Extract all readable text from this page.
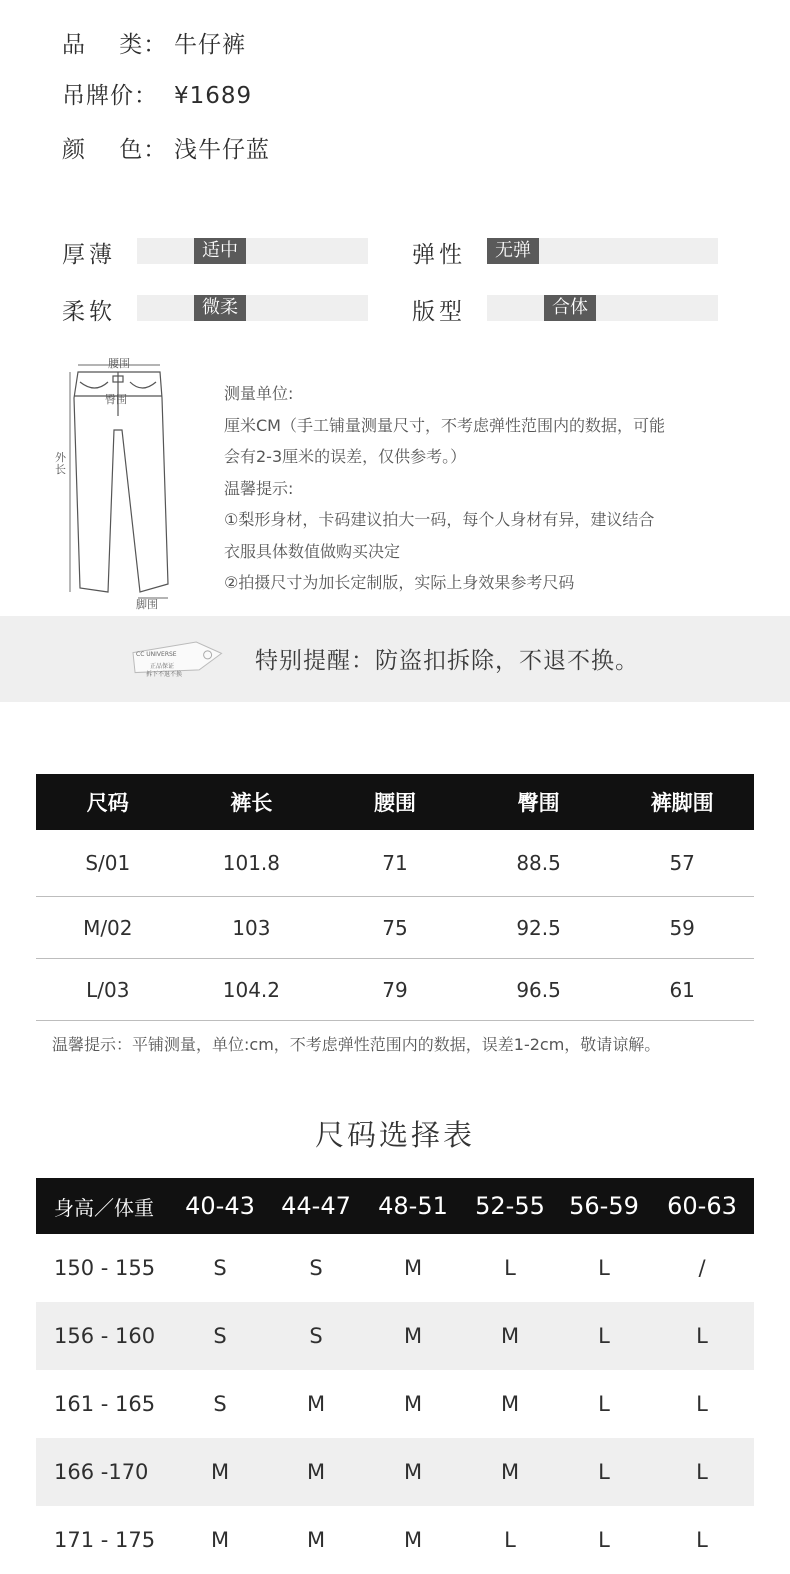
品    类： 牛仔裤
吊牌价： ¥1689
颜    色： 浅牛仔蓝
厚薄	适中	弹性	无弹
柔软	微柔	版型	合体
腰围
臀围
脚围
外长
测量单位:
厘米CM（手工铺量测量尺寸，不考虑弹性范围内的数据，可能
会有2-3厘米的误差，仅供参考。）
温馨提示:
①梨形身材，卡码建议拍大一码，每个人身材有异，建议结合
衣服具体数值做购买决定
②拍摄尺寸为加长定制版，实际上身效果参考尺码
CC UNIVERSE
正品保证
拆下不退不换
特别提醒：防盗扣拆除，不退不换。
尺码	裤长	腰围	臀围	裤脚围
S/01	101.8	71	88.5	57
M/02	103	75	92.5	59
L/03	104.2	79	96.5	61
温馨提示：平铺测量，单位:cm，不考虑弹性范围内的数据，误差1-2cm，敬请谅解。
尺码选择表
身高／体重	40-43	44-47	48-51	52-55	56-59	60-63
150 - 155	S	S	M	L	L	/
156 - 160	S	S	M	M	L	L
161 - 165	S	M	M	M	L	L
166 -170	M	M	M	M	L	L
171 - 175	M	M	M	L	L	L
